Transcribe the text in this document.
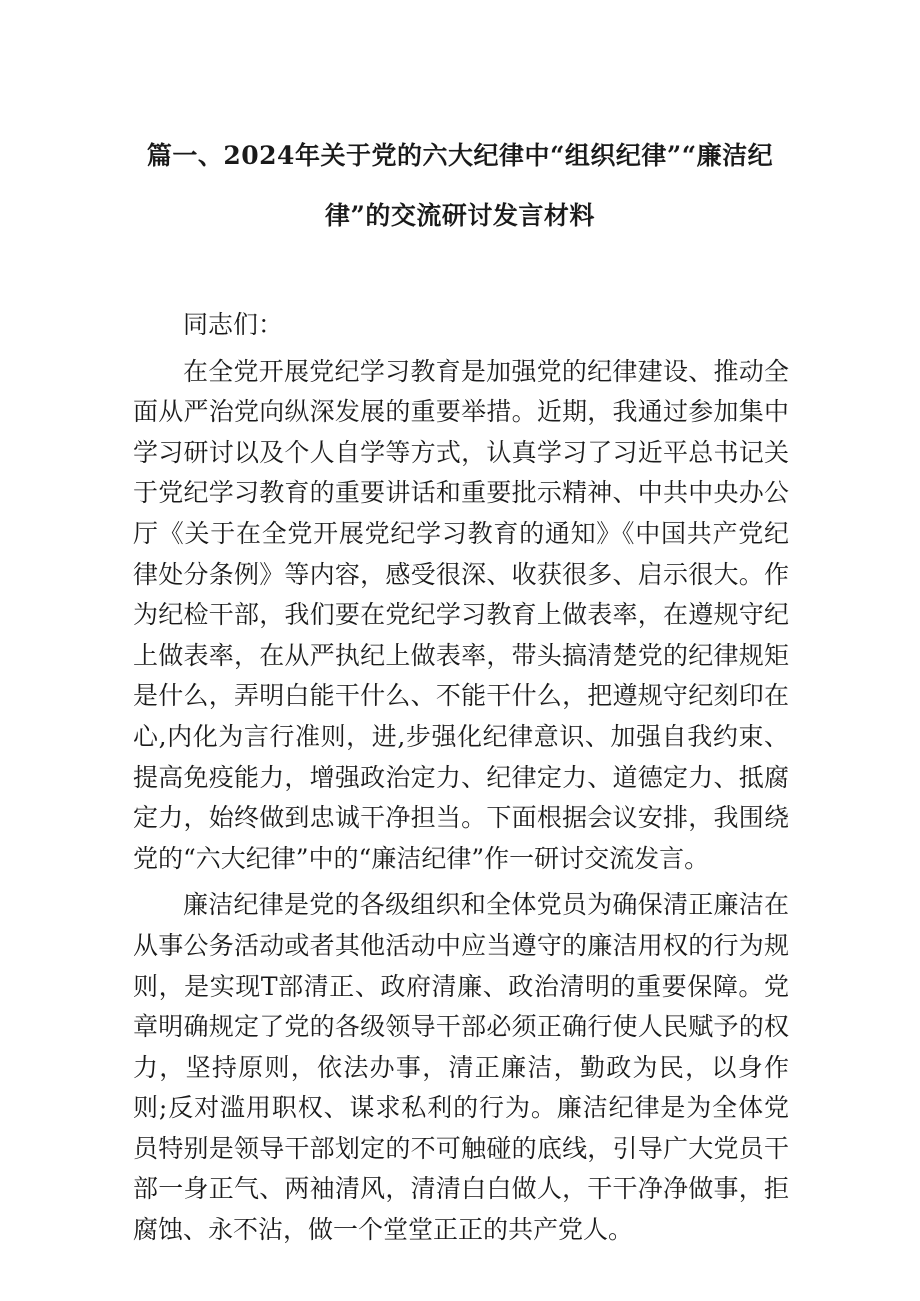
篇一、2024年关于党的六大纪律中“组织纪律”“廉洁纪
律”的交流研讨发言材料

同志们：

在全党开展党纪学习教育是加强党的纪律建设、推动全面从严治党向纵深发展的重要举措。近期，我通过参加集中学习研讨以及个人自学等方式，认真学习了习近平总书记关于党纪学习教育的重要讲话和重要批示精神、中共中央办公厅《关于在全党开展党纪学习教育的通知》《中国共产党纪律处分条例》等内容，感受很深、收获很多、启示很大。作为纪检干部，我们要在党纪学习教育上做表率，在遵规守纪上做表率，在从严执纪上做表率，带头搞清楚党的纪律规矩是什么，弄明白能干什么、不能干什么，把遵规守纪刻印在心,内化为言行准则，进,步强化纪律意识、加强自我约束、提高免疫能力，增强政治定力、纪律定力、道德定力、抵腐定力，始终做到忠诚干净担当。下面根据会议安排，我围绕党的“六大纪律”中的“廉洁纪律”作一研讨交流发言。

廉洁纪律是党的各级组织和全体党员为确保清正廉洁在从事公务活动或者其他活动中应当遵守的廉洁用权的行为规则，是实现T部清正、政府清廉、政治清明的重要保障。党章明确规定了党的各级领导干部必须正确行使人民赋予的权力，坚持原则，依法办事，清正廉洁，勤政为民，以身作则;反对滥用职权、谋求私利的行为。廉洁纪律是为全体党员特别是领导干部划定的不可触碰的底线，引导广大党员干部一身正气、两袖清风，清清白白做人，干干净净做事，拒腐蚀、永不沾，做一个堂堂正正的共产党人。
